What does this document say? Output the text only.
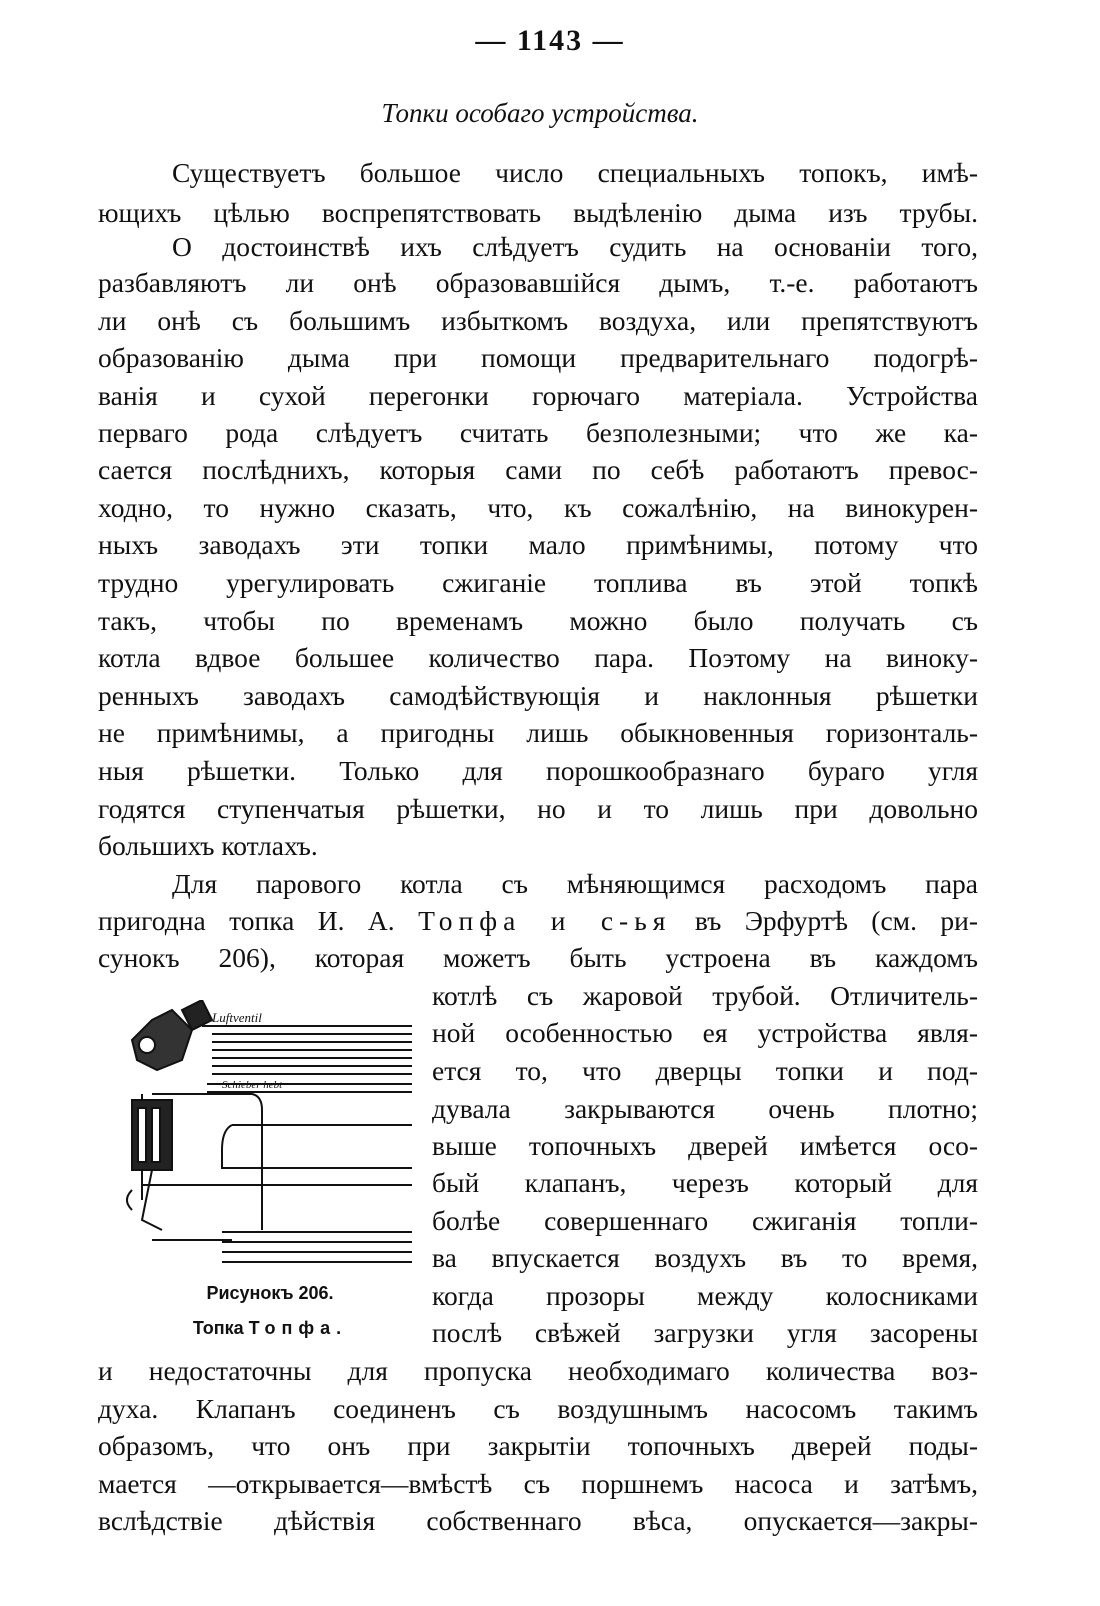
— 1143 —
Топки особаго устройства.
Существуетъ большое число специальныхъ топокъ, имѣ-
ющихъ цѣлью воспрепятствовать выдѣленію дыма изъ трубы.
О достоинствѣ ихъ слѣдуетъ судить на основаніи того,
разбавляютъ ли онѣ образовавшійся дымъ, т.-е. работаютъ
ли онѣ съ большимъ избыткомъ воздуха, или препятствуютъ
образованію дыма при помощи предварительнаго подогрѣ-
ванія и сухой перегонки горючаго матеріала. Устройства
перваго рода слѣдуетъ считать безполезными; что же ка-
сается послѣднихъ, которыя сами по себѣ работаютъ превос-
ходно, то нужно сказать, что, къ сожалѣнію, на винокурен-
ныхъ заводахъ эти топки мало примѣнимы, потому что
трудно урегулировать сжиганіе топлива въ этой топкѣ
такъ, чтобы по временамъ можно было получать съ
котла вдвое большее количество пара. Поэтому на виноку-
ренныхъ заводахъ самодѣйствующія и наклонныя рѣшетки
не примѣнимы, а пригодны лишь обыкновенныя горизонталь-
ныя рѣшетки. Только для порошкообразнаго бураго угля
годятся ступенчатыя рѣшетки, но и то лишь при довольно
большихъ котлахъ.
Для парового котла съ мѣняющимся расходомъ пара
пригодна топка И. А. Топфа и с-ья въ Эрфуртѣ (см. ри-
сунокъ 206), которая можетъ быть устроена въ каждомъ
котлѣ съ жаровой трубой. Отличитель-
ной особенностью ея устройства явля-
ется то, что дверцы топки и под-
дувала закрываются очень плотно;
выше топочныхъ дверей имѣется осо-
бый клапанъ, черезъ который для
болѣе совершеннаго сжиганія топли-
ва впускается воздухъ въ то время,
когда прозоры между колосниками
послѣ свѣжей загрузки угля засорены
и недостаточны для пропуска необходимаго количества воз-
духа. Клапанъ соединенъ съ воздушнымъ насосомъ такимъ
образомъ, что онъ при закрытіи топочныхъ дверей поды-
мается —открывается—вмѣстѣ съ поршнемъ насоса и затѣмъ,
вслѣдствіе дѣйствія собственнаго вѣса, опускается—закры-
Luftventil
Schieber hebt
Рисунокъ 206.
Топка Топфа.
